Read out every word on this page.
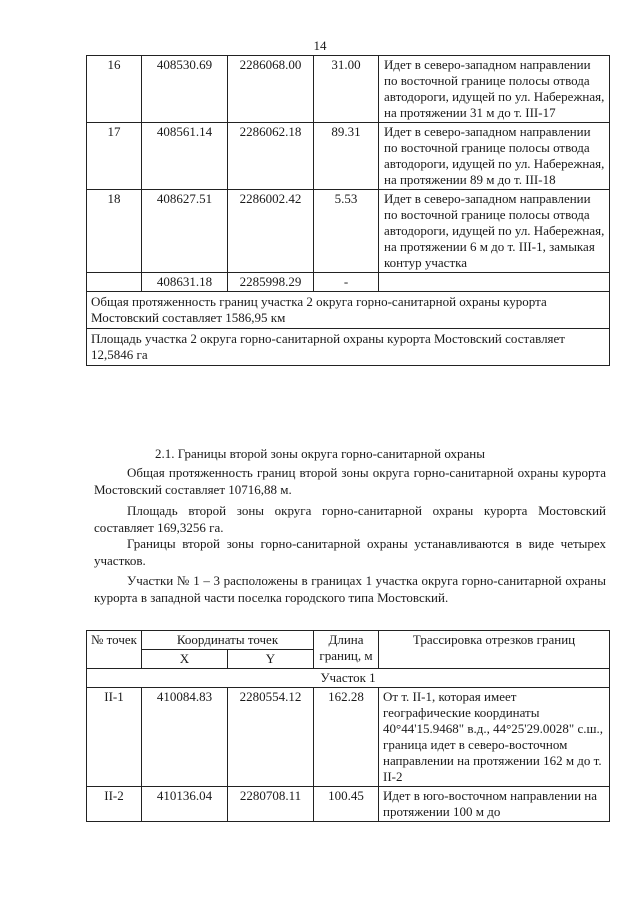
14
16	408530.69	2286068.00	31.00	Идет в северо-западном направлении по восточной границе полосы отвода автодороги, идущей по ул. Набережная, на протяжении 31 м до т. III-17
17	408561.14	2286062.18	89.31	Идет в северо-западном направлении по восточной границе полосы отвода автодороги, идущей по ул. Набережная, на протяжении 89 м до т. III-18
18	408627.51	2286002.42	5.53	Идет в северо-западном направлении по восточной границе полосы отвода автодороги, идущей по ул. Набережная, на протяжении 6 м до т. III-1, замыкая контур участка
	408631.18	2285998.29	-	
Общая протяженность границ участка 2 округа горно-санитарной охраны курорта Мостовский составляет 1586,95 км				
Площадь участка 2 округа горно-санитарной охраны курорта Мостовский составляет 12,5846 га				
2.1. Границы второй зоны округа горно-санитарной охраны

Общая протяженность границ второй зоны округа горно-санитарной охраны курорта Мостовский составляет 10716,88 м.

Площадь второй зоны округа горно-санитарной охраны курорта Мостовский составляет 169,3256 га.

Границы второй зоны горно-санитарной охраны устанавливаются в виде четырех участков.

Участки № 1 – 3 расположены в границах 1 участка округа горно-санитарной охраны курорта в западной части поселка городского типа Мостовский.

№ точек	Координаты точек		Длина границ, м	Трассировка отрезков границ
	X	Y		
Участок 1				
II-1	410084.83	2280554.12	162.28	От т. II-1, которая имеет географические координаты 40°44'15.9468" в.д., 44°25'29.0028" с.ш., граница идет в северо-восточном направлении на протяжении 162 м до т. II-2
II-2	410136.04	2280708.11	100.45	Идет в юго-восточном направлении на протяжении 100 м до
